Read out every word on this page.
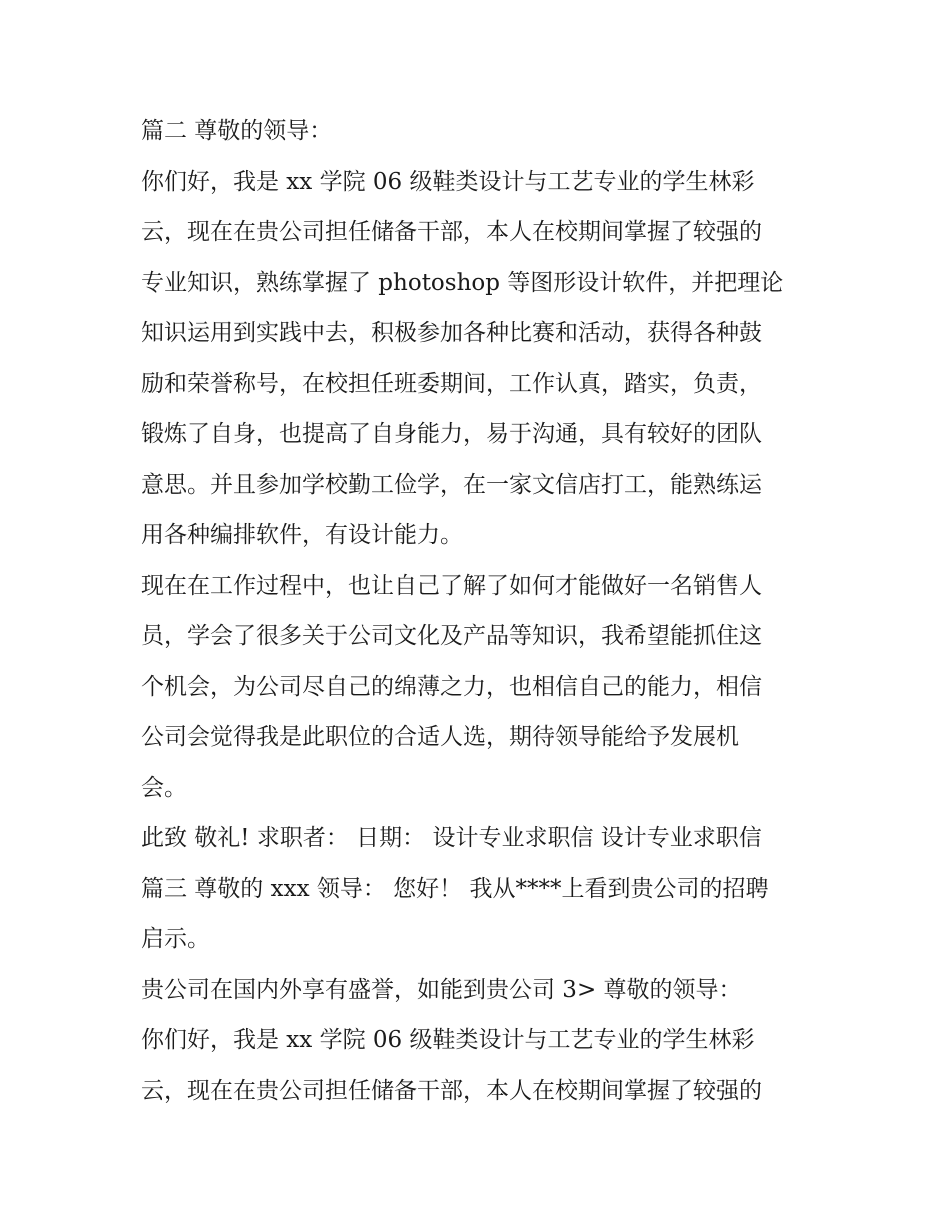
篇二 尊敬的领导：
你们好，我是 xx 学院 06 级鞋类设计与工艺专业的学生林彩
云，现在在贵公司担任储备干部，本人在校期间掌握了较强的
专业知识，熟练掌握了 photoshop 等图形设计软件，并把理论
知识运用到实践中去，积极参加各种比赛和活动，获得各种鼓
励和荣誉称号，在校担任班委期间，工作认真，踏实，负责，
锻炼了自身，也提高了自身能力，易于沟通，具有较好的团队
意思。并且参加学校勤工俭学，在一家文信店打工，能熟练运
用各种编排软件，有设计能力。
现在在工作过程中，也让自己了解了如何才能做好一名销售人
员，学会了很多关于公司文化及产品等知识，我希望能抓住这
个机会，为公司尽自己的绵薄之力，也相信自己的能力，相信
公司会觉得我是此职位的合适人选，期待领导能给予发展机
会。
此致 敬礼! 求职者： 日期： 设计专业求职信 设计专业求职信
篇三 尊敬的 xxx 领导： 您好！ 我从****上看到贵公司的招聘
启示。
贵公司在国内外享有盛誉，如能到贵公司 3> 尊敬的领导：
你们好，我是 xx 学院 06 级鞋类设计与工艺专业的学生林彩
云，现在在贵公司担任储备干部，本人在校期间掌握了较强的
